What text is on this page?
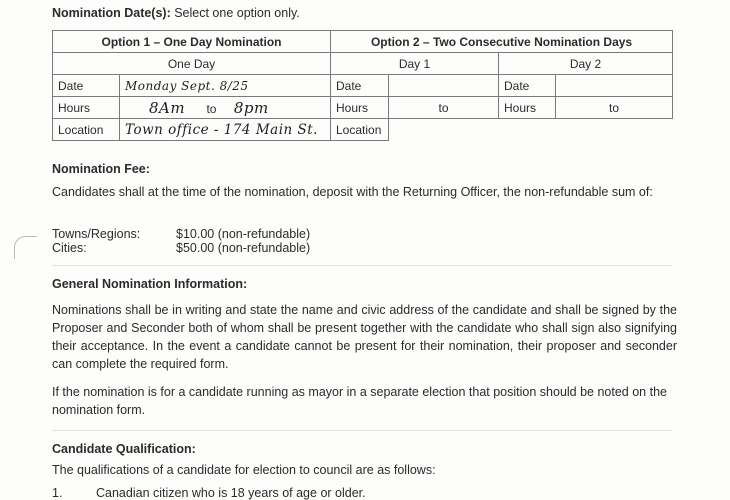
Nomination Date(s): Select one option only.
Option 1 – One Day Nomination		Option 2 – Two Consecutive Nomination Days			
One Day		Day 1		Day 2	
Date	Monday Sept. 8/25	Date		Date	
Hours	8Am to 8pm	Hours	to	Hours	to
Location	Town office - 174 Main St.	Location			
Nomination Fee:
Candidates shall at the time of the nomination, deposit with the Returning Officer, the non-refundable sum of:
Towns/Regions:	$10.00 (non-refundable)
Cities:	$50.00 (non-refundable)
General Nomination Information:
Nominations shall be in writing and state the name and civic address of the candidate and shall be signed by the Proposer and Seconder both of whom shall be present together with the candidate who shall sign also signifying their acceptance. In the event a candidate cannot be present for their nomination, their proposer and seconder can complete the required form.
If the nomination is for a candidate running as mayor in a separate election that position should be noted on the nomination form.
Candidate Qualification:
The qualifications of a candidate for election to council are as follows:
1.	Canadian citizen who is 18 years of age or older.
